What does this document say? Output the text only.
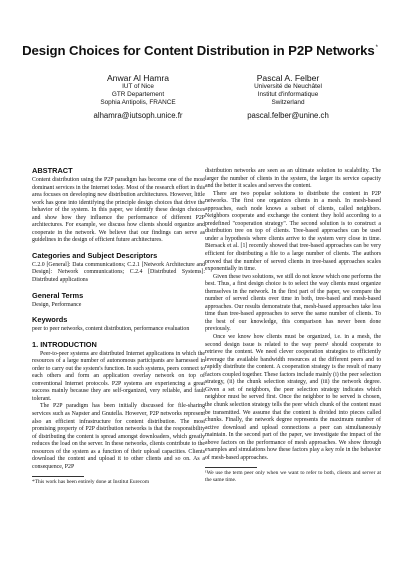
Design Choices for Content Distribution in P2P Networks*
Anwar Al Hamra
IUT of Nice
GTR Departement
Sophia Antipolis, FRANCE
alhamra@iutsoph.unice.fr
Pascal A. Felber
Université de Neuchâtel
Institut d'informatique
Switzerland
pascal.felber@unine.ch
ABSTRACT

Content distribution using the P2P paradigm has become one of the most dominant services in the Internet today. Most of the research effort in this area focuses on developing new distribution architectures. However, little work has gone into identifying the principle design choices that drive the behavior of the system. In this paper, we identify these design choices and show how they influence the performance of different P2P architectures. For example, we discuss how clients should organize and cooperate in the network. We believe that our findings can serve as guidelines in the design of efficient future architectures.

Categories and Subject Descriptors

C.2.0 [General]: Data communications; C.2.1 [Network Architecture and Design]: Network communications; C.2.4 [Distributed Systems]: Distributed applications

General Terms

Design, Performance

Keywords

peer to peer networks, content distribution, performance evaluation

1. INTRODUCTION

Peer-to-peer systems are distributed Internet applications in which the resources of a large number of autonomous participants are harnessed in order to carry out the system's function. In such systems, peers connect to each others and form an application overlay network on top of conventional Internet protocols. P2P systems are experiencing a great success mainly because they are self-organized, very reliable, and fault tolerant.

The P2P paradigm has been initially discussed for file-sharing services such as Napster and Gnutella. However, P2P networks represent also an efficient infrastructure for content distribution. The most promising property of P2P distribution networks is that the responsibility of distributing the content is spread amongst downloaders, which greatly reduces the load on the server. In these networks, clients contribute to the resources of the system as a function of their upload capacities. Clients download the content and upload it to other clients and so on. As a consequence, P2P

*This work has been entirely done at Institut Eurecom

distribution networks are seen as an ultimate solution to scalability. The larger the number of clients in the system, the larger its service capacity and the better it scales and serves the content.

There are two popular solutions to distribute the content in P2P networks. The first one organizes clients in a mesh. In mesh-based approaches, each node knows a subset of clients, called neighbors. Neighbors cooperate and exchange the content they hold according to a predefined "cooperation strategy". The second solution is to construct a distribution tree on top of clients. Tree-based approaches can be used under a hypothesis where clients arrive to the system very close in time. Biersack et al. [1] recently showed that tree-based approaches can be very efficient for distributing a file to a large number of clients. The authors proved that the number of served clients in tree-based approaches scales exponentially in time.

Given these two solutions, we still do not know which one performs the best. Thus, a first design choice is to select the way clients must organize themselves in the network. In the first part of the paper, we compare the number of served clients over time in both, tree-based and mesh-based approaches. Our results demonstrate that, mesh-based approaches take less time than tree-based approaches to serve the same number of clients. To the best of our knowledge, this comparison has never been done previously.

Once we know how clients must be organized, i.e. in a mesh, the second design issue is related to the way peers¹ should cooperate to retrieve the content. We need clever cooperation strategies to efficiently leverage the available bandwidth resources at the different peers and to rapidly distribute the content. A cooperation strategy is the result of many factors coupled together. These factors include mainly (i) the peer selection strategy, (ii) the chunk selection strategy, and (iii) the network degree. Given a set of neighbors, the peer selection strategy indicates which neighbor must be served first. Once the neighbor to be served is chosen, the chunk selection strategy tells the peer which chunk of the content must be transmitted. We assume that the content is divided into pieces called chunks. Finally, the network degree represents the maximum number of active download and upload connections a peer can simultaneously maintain. In the second part of the paper, we investigate the impact of the above factors on the performance of mesh approaches. We show through examples and simulations how these factors play a key role in the behavior of mesh-based approaches.

¹We use the term peer only when we want to refer to both, clients and server at the same time.
